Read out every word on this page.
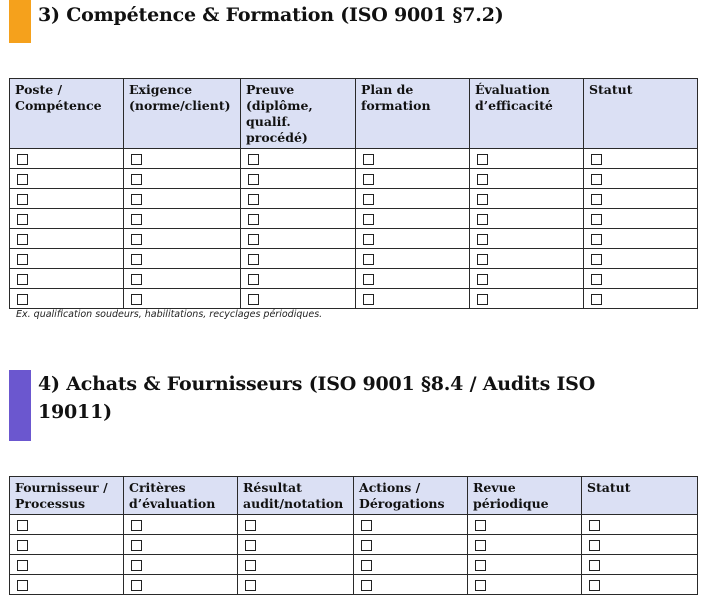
3) Compétence & Formation (ISO 9001 §7.2)
Poste / Compétence	Exigence (norme/client)	Preuve (diplôme, qualif. procédé)	Plan de formation	Évaluation d’efficacité	Statut

Ex. qualification soudeurs, habilitations, recyclages périodiques.

4) Achats & Fournisseurs (ISO 9001 §8.4 / Audits ISO
19011)
Fournisseur / Processus	Critères d’évaluation	Résultat audit/notation	Actions / Dérogations	Revue périodique	Statut
